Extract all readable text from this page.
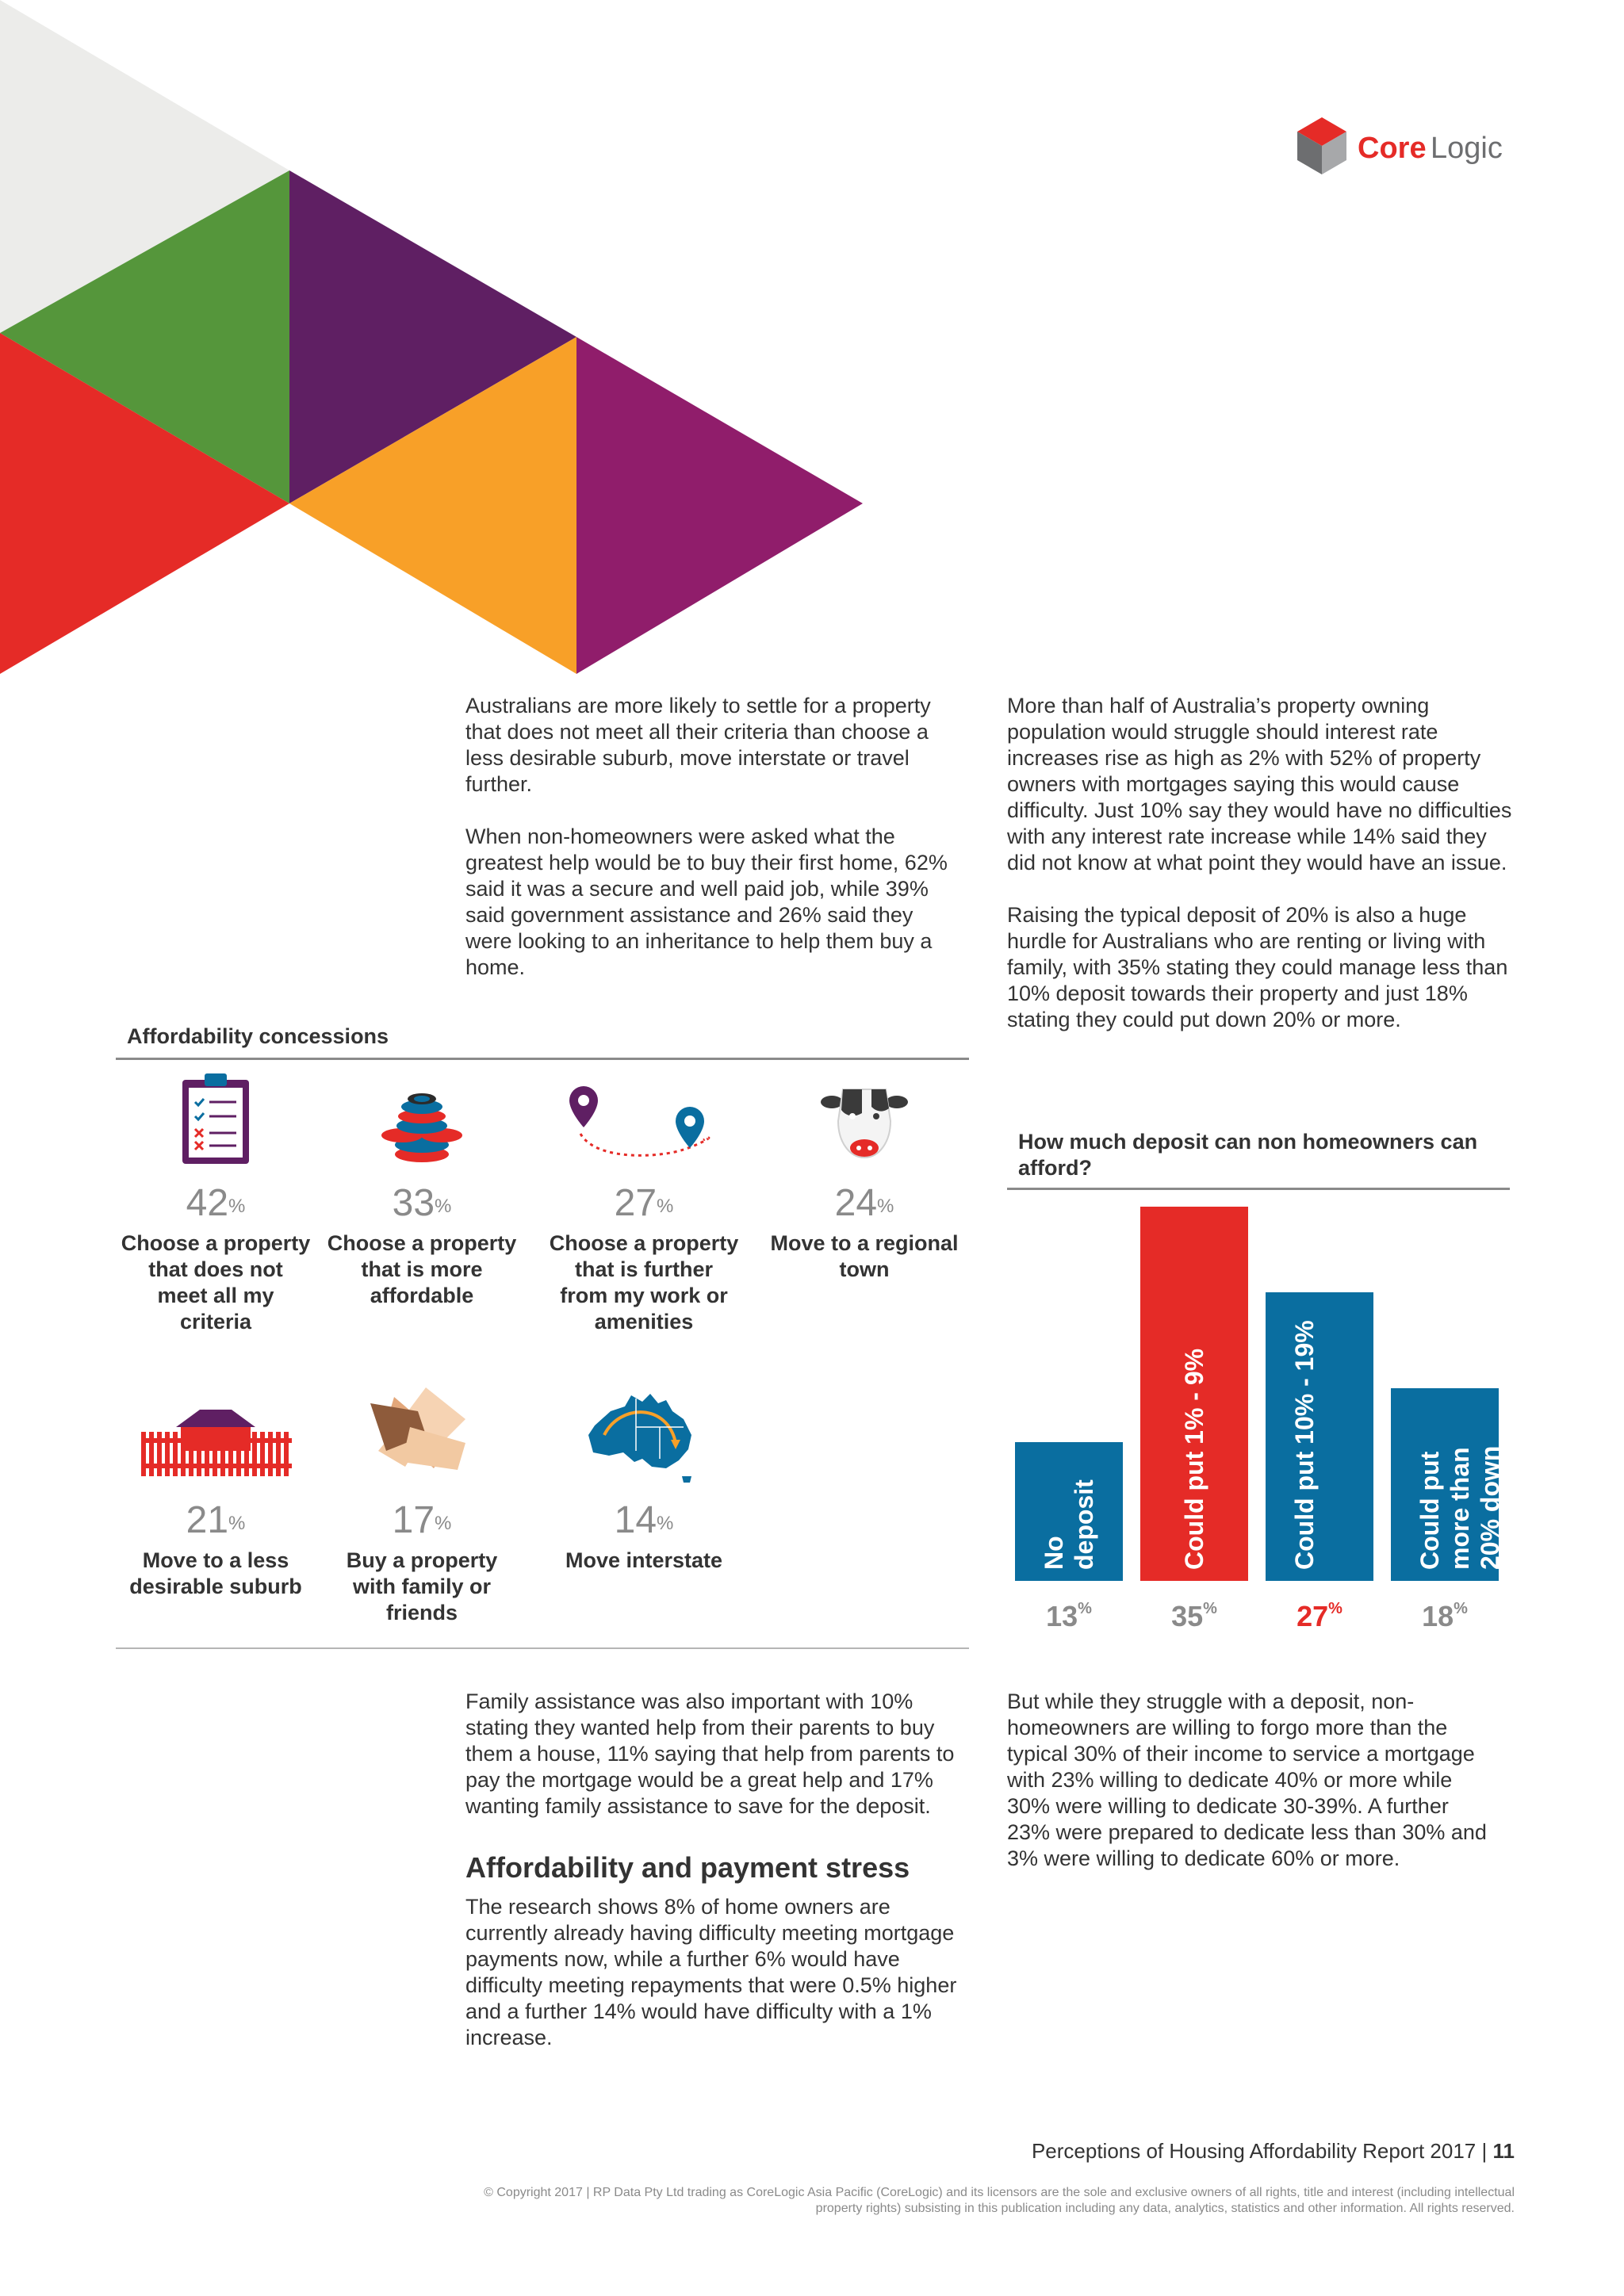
Core Logic

Australians are more likely to settle for a property that does not meet all their criteria than choose a less desirable suburb, move interstate or travel further.

When non-homeowners were asked what the greatest help would be to buy their first home, 62% said it was a secure and well paid job, while 39% said government assistance and 26% said they were looking to an inheritance to help them buy a home.

More than half of Australia’s property owning population would struggle should interest rate increases rise as high as 2% with 52% of property owners with mortgages saying this would cause difficulty. Just 10% say they would have no difficulties with any interest rate increase while 14% said they did not know at what point they would have an issue.

Raising the typical deposit of 20% is also a huge hurdle for Australians who are renting or living with family, with 35% stating they could manage less than 10% deposit towards their property and just 18% stating they could put down 20% or more.

Affordability concessions
42%
Choose a property that does not meet all my criteria
33%
Choose a property that is more affordable
27%
Choose a property that is further from my work or amenities
24%
Move to a regional town
21%
Move to a less desirable suburb
17%
Buy a property with family or friends
14%
Move interstate
How much deposit can non homeowners can afford?
No deposit
13%
Could put 1% - 9%
35%
Could put 10% - 19%
27%
Could put more than 20% down
18%

Family assistance was also important with 10% stating they wanted help from their parents to buy them a house, 11% saying that help from parents to pay the mortgage would be a great help and 17% wanting family assistance to save for the deposit.

Affordability and payment stress

The research shows 8% of home owners are currently already having difficulty meeting mortgage payments now, while a further 6% would have difficulty meeting repayments that were 0.5% higher and a further 14% would have difficulty with a 1% increase.

But while they struggle with a deposit, non-homeowners are willing to forgo more than the typical 30% of their income to service a mortgage with 23% willing to dedicate 40% or more while 30% were willing to dedicate 30-39%. A further 23% were prepared to dedicate less than 30% and 3% were willing to dedicate 60% or more.

Perceptions of Housing Affordability Report 2017 | 11
© Copyright 2017 | RP Data Pty Ltd trading as CoreLogic Asia Pacific (CoreLogic) and its licensors are the sole and exclusive owners of all rights, title and interest (including intellectual property rights) subsisting in this publication including any data, analytics, statistics and other information. All rights reserved.
